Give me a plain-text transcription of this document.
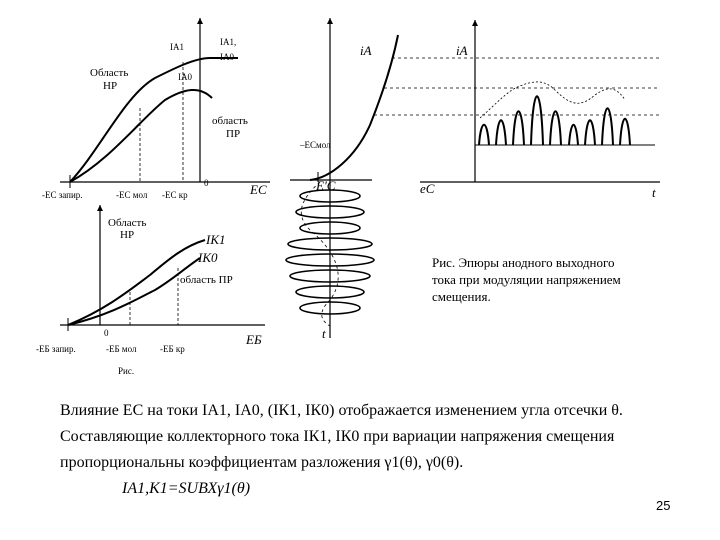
Область
НР
IА1	IА1,
IА0
IА0
область
ПР
-ЕС запир.	-ЕС мол -ЕС кр
0	ЕС
Область
НР	IК1
IК0
область ПР
0
-ЕБ запир.	-ЕБ мол	-ЕБ кр
ЕБ
Рис.
iA
–ЕСмол
Е'С
t
iA
еС	t
Рис. Эпюры анодного выходного
тока при модуляции напряжением
смещения.

Влияние ЕС на токи IА1, IА0, (IК1, IК0) отображается изменением угла отсечки θ.

Составляющие коллекторного тока IК1, IК0 при вариации напряжения смещения

пропорциональны коэффициентам разложения γ1(θ), γ0(θ).

IА1,К1=SUВХγ1(θ)

25
